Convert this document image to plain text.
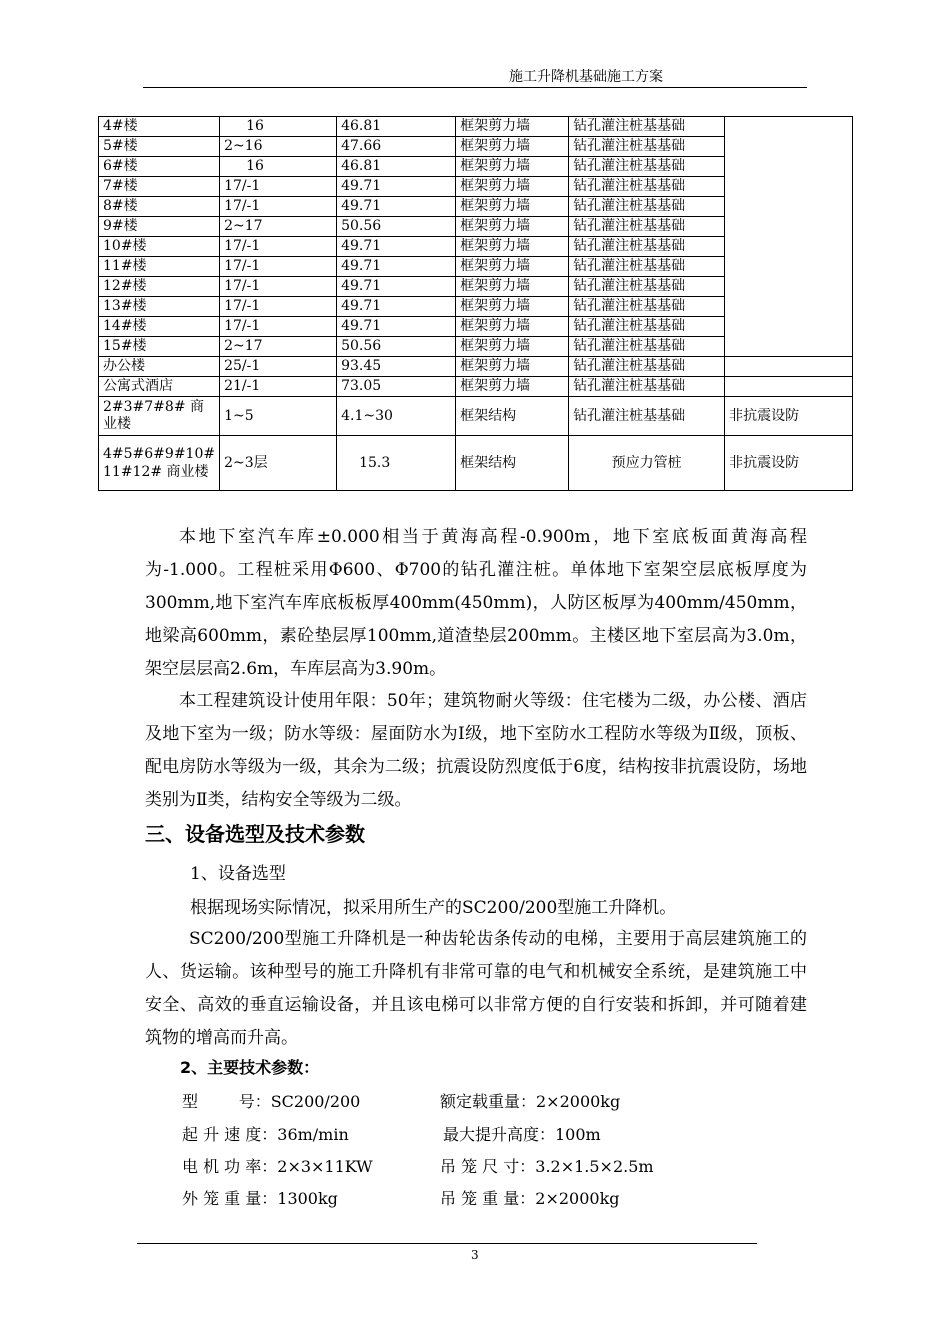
施工升降机基础施工方案
4#楼	16	46.81	框架剪力墙	钻孔灌注桩基基础	
5#楼	2~16	47.66	框架剪力墙	钻孔灌注桩基基础	
6#楼	16	46.81	框架剪力墙	钻孔灌注桩基基础	
7#楼	17/-1	49.71	框架剪力墙	钻孔灌注桩基基础	
8#楼	17/-1	49.71	框架剪力墙	钻孔灌注桩基基础	
9#楼	2~17	50.56	框架剪力墙	钻孔灌注桩基基础	
10#楼	17/-1	49.71	框架剪力墙	钻孔灌注桩基基础	
11#楼	17/-1	49.71	框架剪力墙	钻孔灌注桩基基础	
12#楼	17/-1	49.71	框架剪力墙	钻孔灌注桩基基础	
13#楼	17/-1	49.71	框架剪力墙	钻孔灌注桩基基础	
14#楼	17/-1	49.71	框架剪力墙	钻孔灌注桩基基础	
15#楼	2~17	50.56	框架剪力墙	钻孔灌注桩基基础	
办公楼	25/-1	93.45	框架剪力墙	钻孔灌注桩基基础	
公寓式酒店	21/-1	73.05	框架剪力墙	钻孔灌注桩基基础	
2#3#7#8# 商业楼	1~5	4.1~30	框架结构	钻孔灌注桩基基础	非抗震设防
4#5#6#9#10# 11#12# 商业楼	2~3层	15.3	框架结构	预应力管桩	非抗震设防
本地下室汽车库±0.000相当于黄海高程-0.900m，地下室底板面黄海高程为-1.000。工程桩采用Φ600、Φ700的钻孔灌注桩。单体地下室架空层底板厚度为300mm,地下室汽车库底板板厚400mm(450mm)，人防区板厚为400mm/450mm，地梁高600mm，素砼垫层厚100mm,道渣垫层200mm。主楼区地下室层高为3.0m，架空层层高2.6m，车库层高为3.90m。
本工程建筑设计使用年限：50年；建筑物耐火等级：住宅楼为二级，办公楼、酒店及地下室为一级；防水等级：屋面防水为Ⅰ级，地下室防水工程防水等级为Ⅱ级，顶板、配电房防水等级为一级，其余为二级；抗震设防烈度低于6度，结构按非抗震设防，场地类别为Ⅱ类，结构安全等级为二级。
三、设备选型及技术参数
1、设备选型
根据现场实际情况，拟采用所生产的SC200/200型施工升降机。
SC200/200型施工升降机是一种齿轮齿条传动的电梯，主要用于高层建筑施工的人、货运输。该种型号的施工升降机有非常可靠的电气和机械安全系统，是建筑施工中安全、高效的垂直运输设备，并且该电梯可以非常方便的自行安装和拆卸，并可随着建筑物的增高而升高。
2、主要技术参数：
型        号：SC200/200	额定载重量：2×2000kg
起 升 速 度：36m/min	最大提升高度：100m
电 机 功 率：2×3×11KW	吊 笼 尺 寸：3.2×1.5×2.5m
外 笼 重 量：1300kg	吊 笼 重 量：2×2000kg
3
